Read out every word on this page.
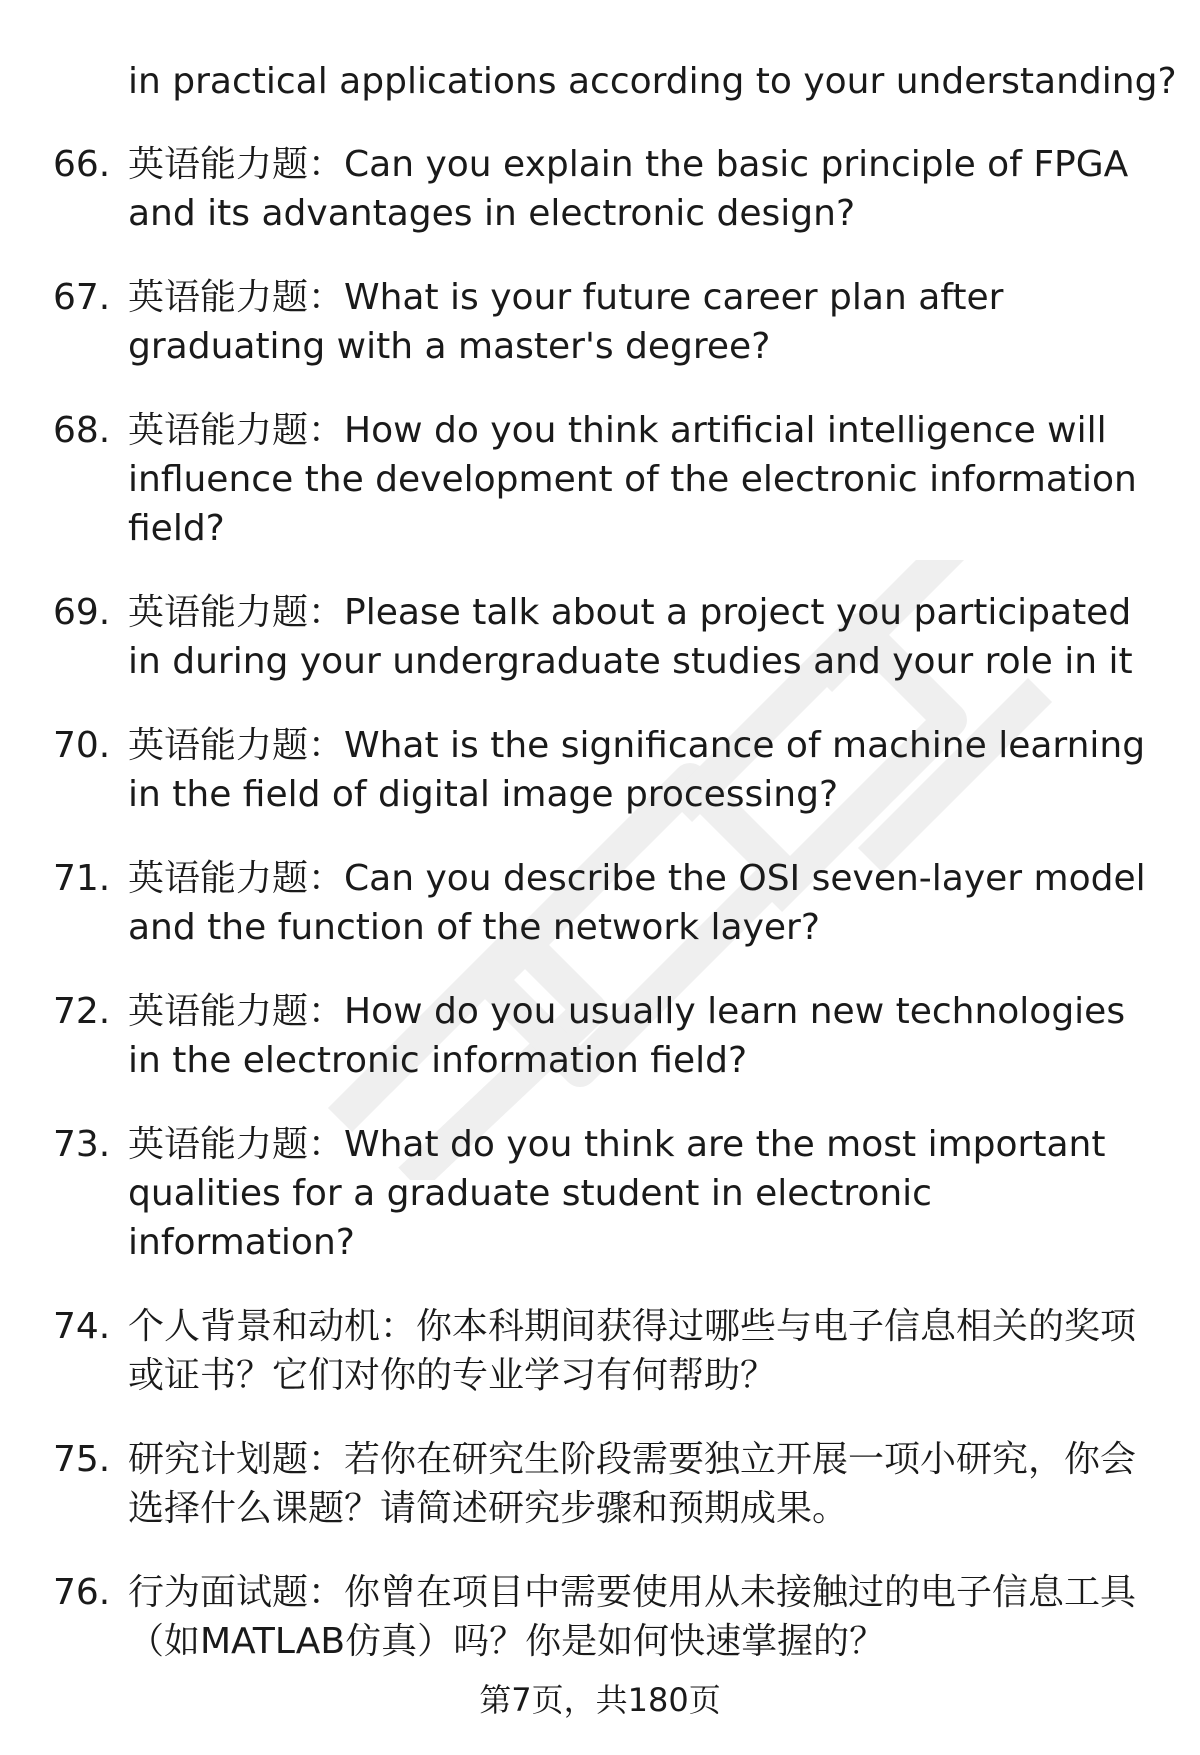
in practical applications according to your understanding?
66. 英语能力题：Can you explain the basic principle of FPGA and its advantages in electronic design?
67. 英语能力题：What is your future career plan after graduating with a master's degree?
68. 英语能力题：How do you think artificial intelligence will influence the development of the electronic information field?
69. 英语能力题：Please talk about a project you participated in during your undergraduate studies and your role in it
70. 英语能力题：What is the significance of machine learning in the field of digital image processing?
71. 英语能力题：Can you describe the OSI seven-layer model and the function of the network layer?
72. 英语能力题：How do you usually learn new technologies in the electronic information field?
73. 英语能力题：What do you think are the most important qualities for a graduate student in electronic information?
74. 个人背景和动机：你本科期间获得过哪些与电子信息相关的奖项或证书？它们对你的专业学习有何帮助？
75. 研究计划题：若你在研究生阶段需要独立开展一项小研究，你会选择什么课题？请简述研究步骤和预期成果。
76. 行为面试题：你曾在项目中需要使用从未接触过的电子信息工具（如MATLAB仿真）吗？你是如何快速掌握的？
第7页，共180页
